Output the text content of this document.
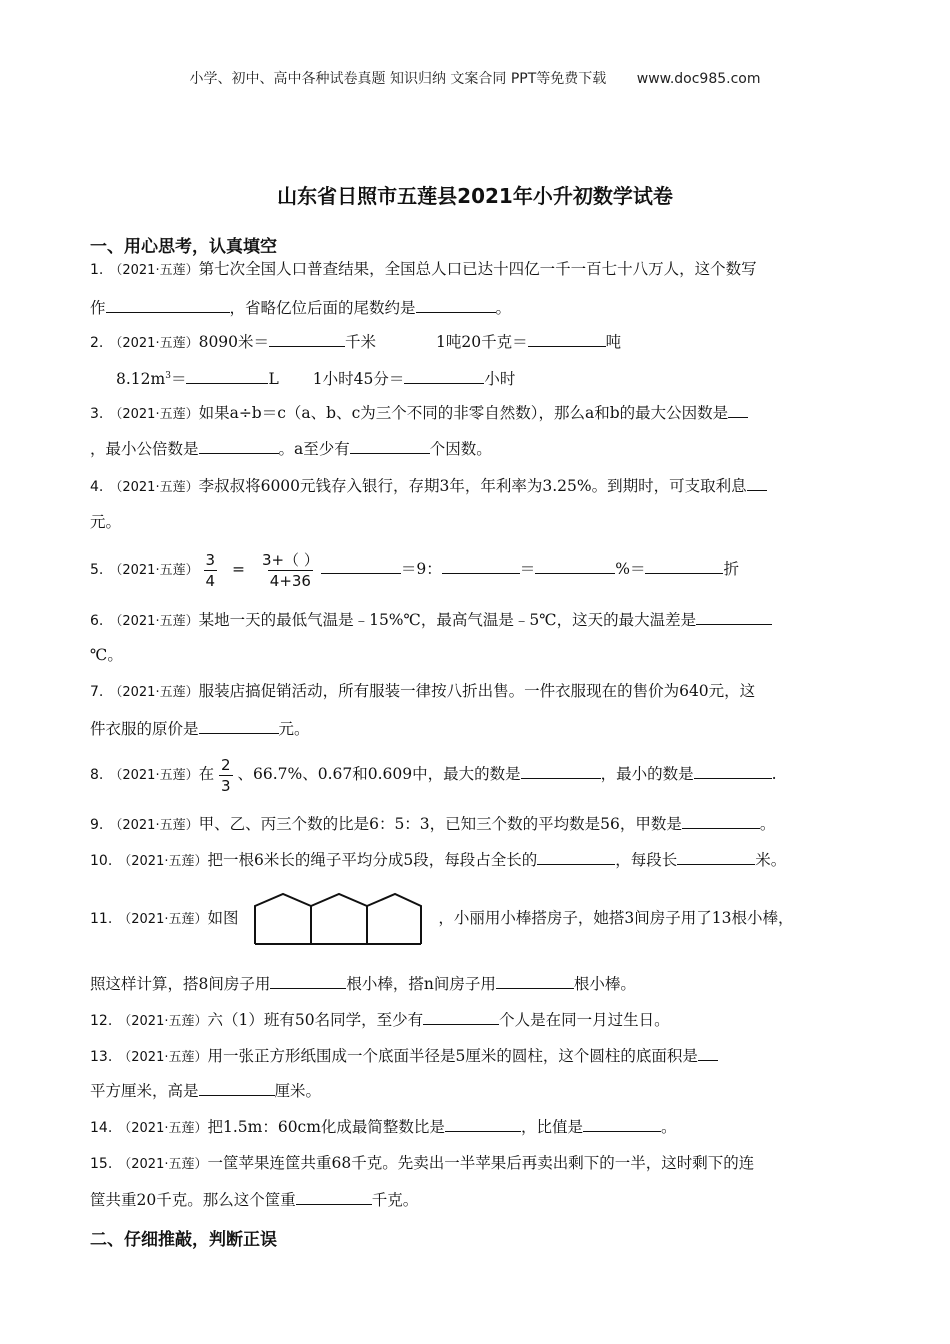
小学、初中、高中各种试卷真题 知识归纳 文案合同 PPT等免费下载 www.doc985.com
山东省日照市五莲县2021年小升初数学试卷
一、用心思考，认真填空
1. （2021·五莲）第七次全国人口普查结果，全国总人口已达十四亿一千一百七十八万人，这个数写
作	，省略亿位后面的尾数约是	。
2. （2021·五莲）8090米＝	千米	1吨20千克＝	吨
$8.12m^3=$	L 1小时45分＝	小时
3. （2021·五莲）如果a÷b＝c（a、b、c为三个不同的非零自然数），那么a和b的最大公因数是
，最小公倍数是	。a至少有	个因数。
4. （2021·五莲）李叔叔将6000元钱存入银行，存期3年，年利率为3.25%。到期时，可支取利息
元。
5. （2021·五莲） $\frac{3}{4} = \frac{3+( )}{4+36}$	＝9：	＝	%＝	折
6. （2021·五莲）某地一天的最低气温是﹣15%℃，最高气温是﹣5℃，这天的最大温差是
℃。
7. （2021·五莲）服装店搞促销活动，所有服装一律按八折出售。一件衣服现在的售价为640元，这
件衣服的原价是	元。
8. （2021·五莲）在 $\frac{2}{3}$ 、66.7%、0.67和0.609中，最大的数是	，最小的数是	.
9. （2021·五莲）甲、乙、丙三个数的比是6：5：3，已知三个数的平均数是56，甲数是	。
10. （2021·五莲）把一根6米长的绳子平均分成5段，每段占全长的	，每段长	米。
11. （2021·五莲）如图	，小丽用小棒搭房子，她搭3间房子用了13根小棒，
照这样计算，搭8间房子用	根小棒，搭n间房子用	根小棒。
12. （2021·五莲）六（1）班有50名同学，至少有	个人是在同一月过生日。
13. （2021·五莲）用一张正方形纸围成一个底面半径是5厘米的圆柱，这个圆柱的底面积是
平方厘米，高是	厘米。
14. （2021·五莲）把1.5m：60cm化成最简整数比是	，比值是	。
15. （2021·五莲）一筐苹果连筐共重68千克。先卖出一半苹果后再卖出剩下的一半，这时剩下的连
筐共重20千克。那么这个筐重	千克。
二、仔细推敲，判断正误
